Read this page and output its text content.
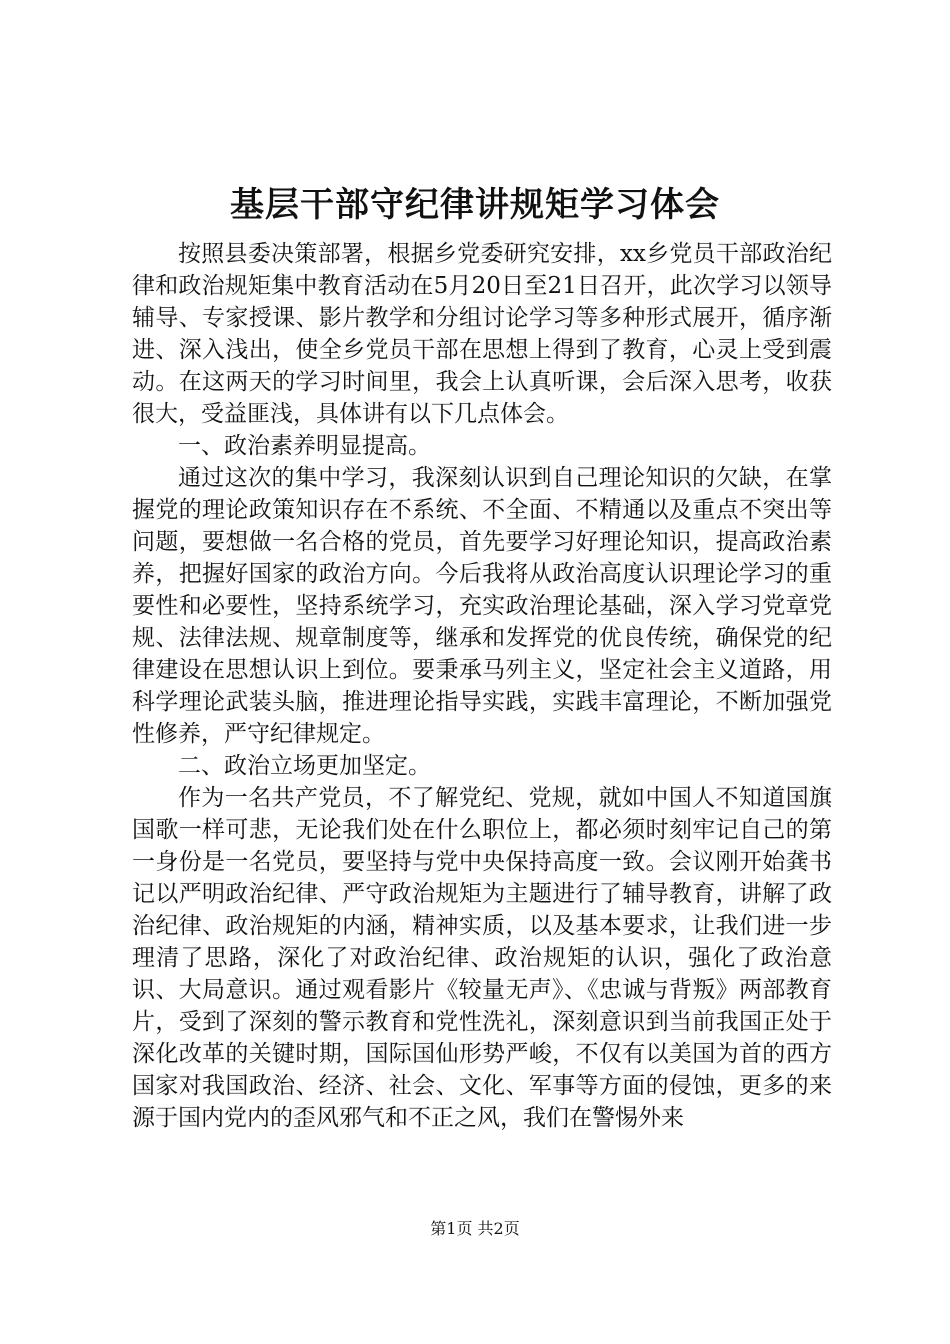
基层干部守纪律讲规矩学习体会

按照县委决策部署，根据乡党委研究安排，xx乡党员干部政治纪律和政治规矩集中教育活动在5月20日至21日召开，此次学习以领导辅导、专家授课、影片教学和分组讨论学习等多种形式展开，循序渐进、深入浅出，使全乡党员干部在思想上得到了教育，心灵上受到震动。在这两天的学习时间里，我会上认真听课，会后深入思考，收获很大，受益匪浅，具体讲有以下几点体会。

一、政治素养明显提高。

通过这次的集中学习，我深刻认识到自己理论知识的欠缺，在掌握党的理论政策知识存在不系统、不全面、不精通以及重点不突出等问题，要想做一名合格的党员，首先要学习好理论知识，提高政治素养，把握好国家的政治方向。今后我将从政治高度认识理论学习的重要性和必要性，坚持系统学习，充实政治理论基础，深入学习党章党规、法律法规、规章制度等，继承和发挥党的优良传统，确保党的纪律建设在思想认识上到位。要秉承马列主义，坚定社会主义道路，用科学理论武装头脑，推进理论指导实践，实践丰富理论，不断加强党性修养，严守纪律规定。

二、政治立场更加坚定。

作为一名共产党员，不了解党纪、党规，就如中国人不知道国旗国歌一样可悲，无论我们处在什么职位上，都必须时刻牢记自己的第一身份是一名党员，要坚持与党中央保持高度一致。会议刚开始龚书记以严明政治纪律、严守政治规矩为主题进行了辅导教育，讲解了政治纪律、政治规矩的内涵，精神实质，以及基本要求，让我们进一步理清了思路，深化了对政治纪律、政治规矩的认识，强化了政治意识、大局意识。通过观看影片《较量无声》、《忠诚与背叛》两部教育片，受到了深刻的警示教育和党性洗礼，深刻意识到当前我国正处于深化改革的关键时期，国际国仙形势严峻，不仅有以美国为首的西方国家对我国政治、经济、社会、文化、军事等方面的侵蚀，更多的来源于国内党内的歪风邪气和不正之风，我们在警惕外来

第1页 共2页
